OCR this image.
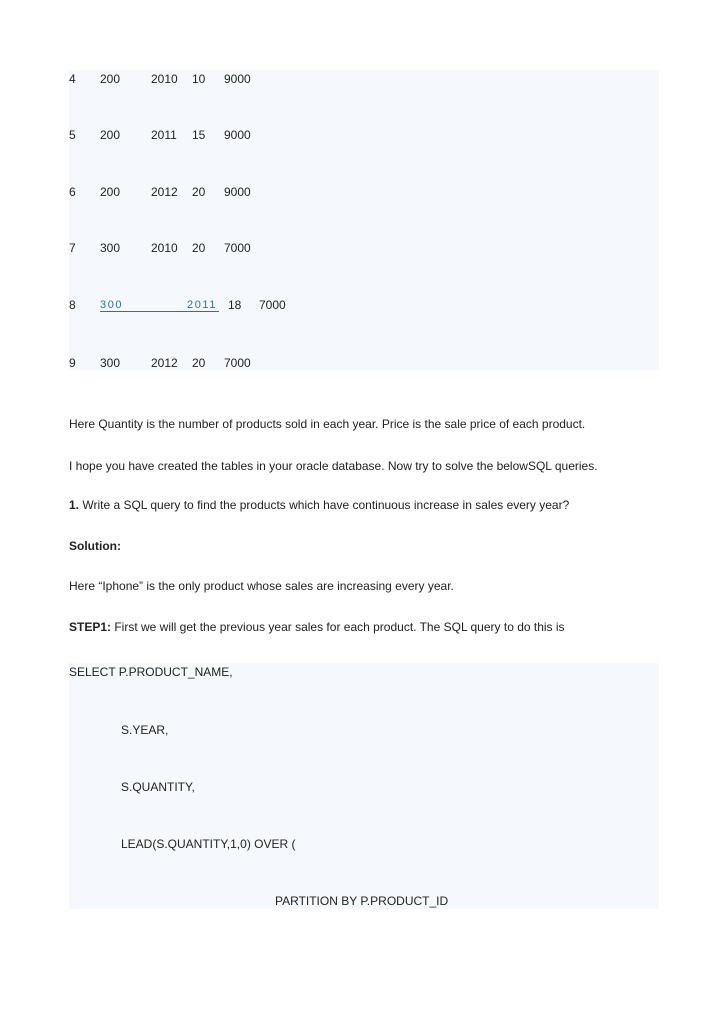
4 200	2010 10 9000
5 200	2011 15 9000
6 200	2012 20 9000
7 300	2010 20 7000
8 300	2011 18 7000
9 300	2012 20 7000
Here Quantity is the number of products sold in each year. Price is the sale price of each product.
I hope you have created the tables in your oracle database. Now try to solve the belowSQL queries.
1. Write a SQL query to find the products which have continuous increase in sales every year?
Solution:
Here “Iphone” is the only product whose sales are increasing every year.
STEP1: First we will get the previous year sales for each product. The SQL query to do this is
SELECT P.PRODUCT_NAME,
S.YEAR,
S.QUANTITY,
LEAD(S.QUANTITY,1,0) OVER (
PARTITION BY P.PRODUCT_ID
